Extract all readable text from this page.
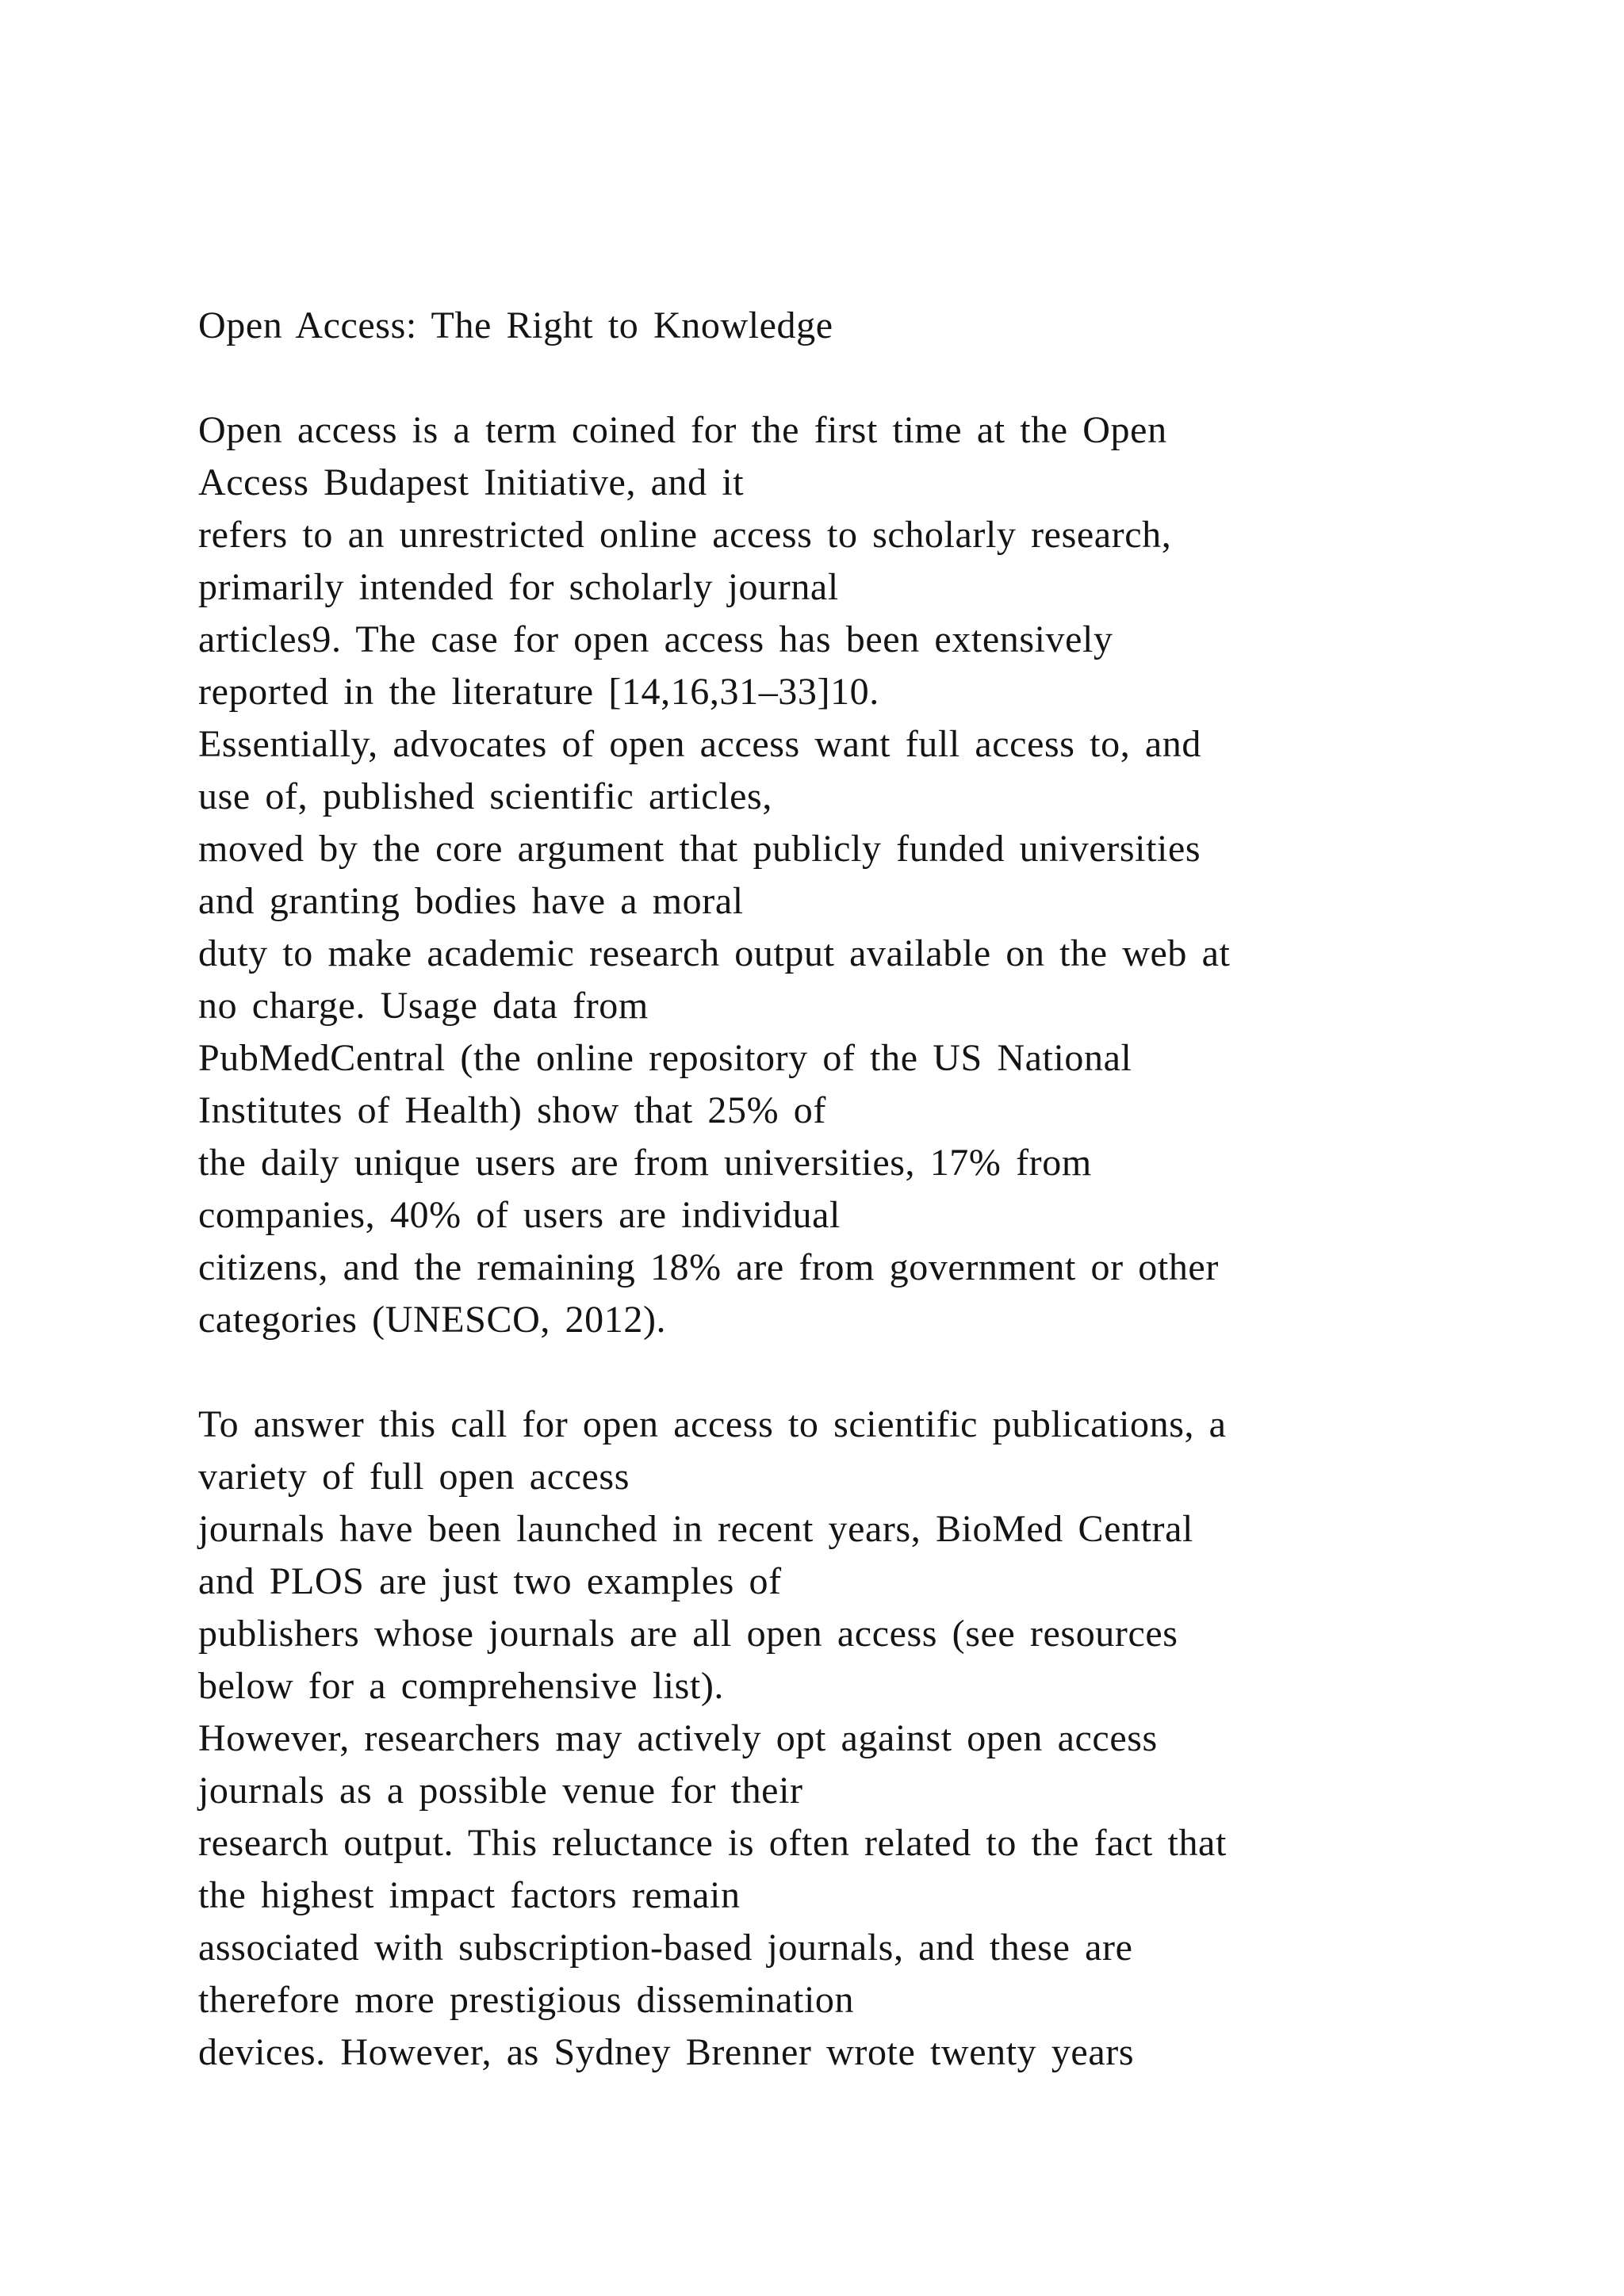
Open Access: The Right to Knowledge
Open access is a term coined for the first time at the Open
Access Budapest Initiative, and it
refers to an unrestricted online access to scholarly research,
primarily intended for scholarly journal
articles9. The case for open access has been extensively
reported in the literature [14,16,31–33]10.
Essentially, advocates of open access want full access to, and
use of, published scientific articles,
moved by the core argument that publicly funded universities
and granting bodies have a moral
duty to make academic research output available on the web at
no charge. Usage data from
PubMedCentral (the online repository of the US National
Institutes of Health) show that 25% of
the daily unique users are from universities, 17% from
companies, 40% of users are individual
citizens, and the remaining 18% are from government or other
categories (UNESCO, 2012).
To answer this call for open access to scientific publications, a
variety of full open access
journals have been launched in recent years, BioMed Central
and PLOS are just two examples of
publishers whose journals are all open access (see resources
below for a comprehensive list).
However, researchers may actively opt against open access
journals as a possible venue for their
research output. This reluctance is often related to the fact that
the highest impact factors remain
associated with subscription-based journals, and these are
therefore more prestigious dissemination
devices. However, as Sydney Brenner wrote twenty years
